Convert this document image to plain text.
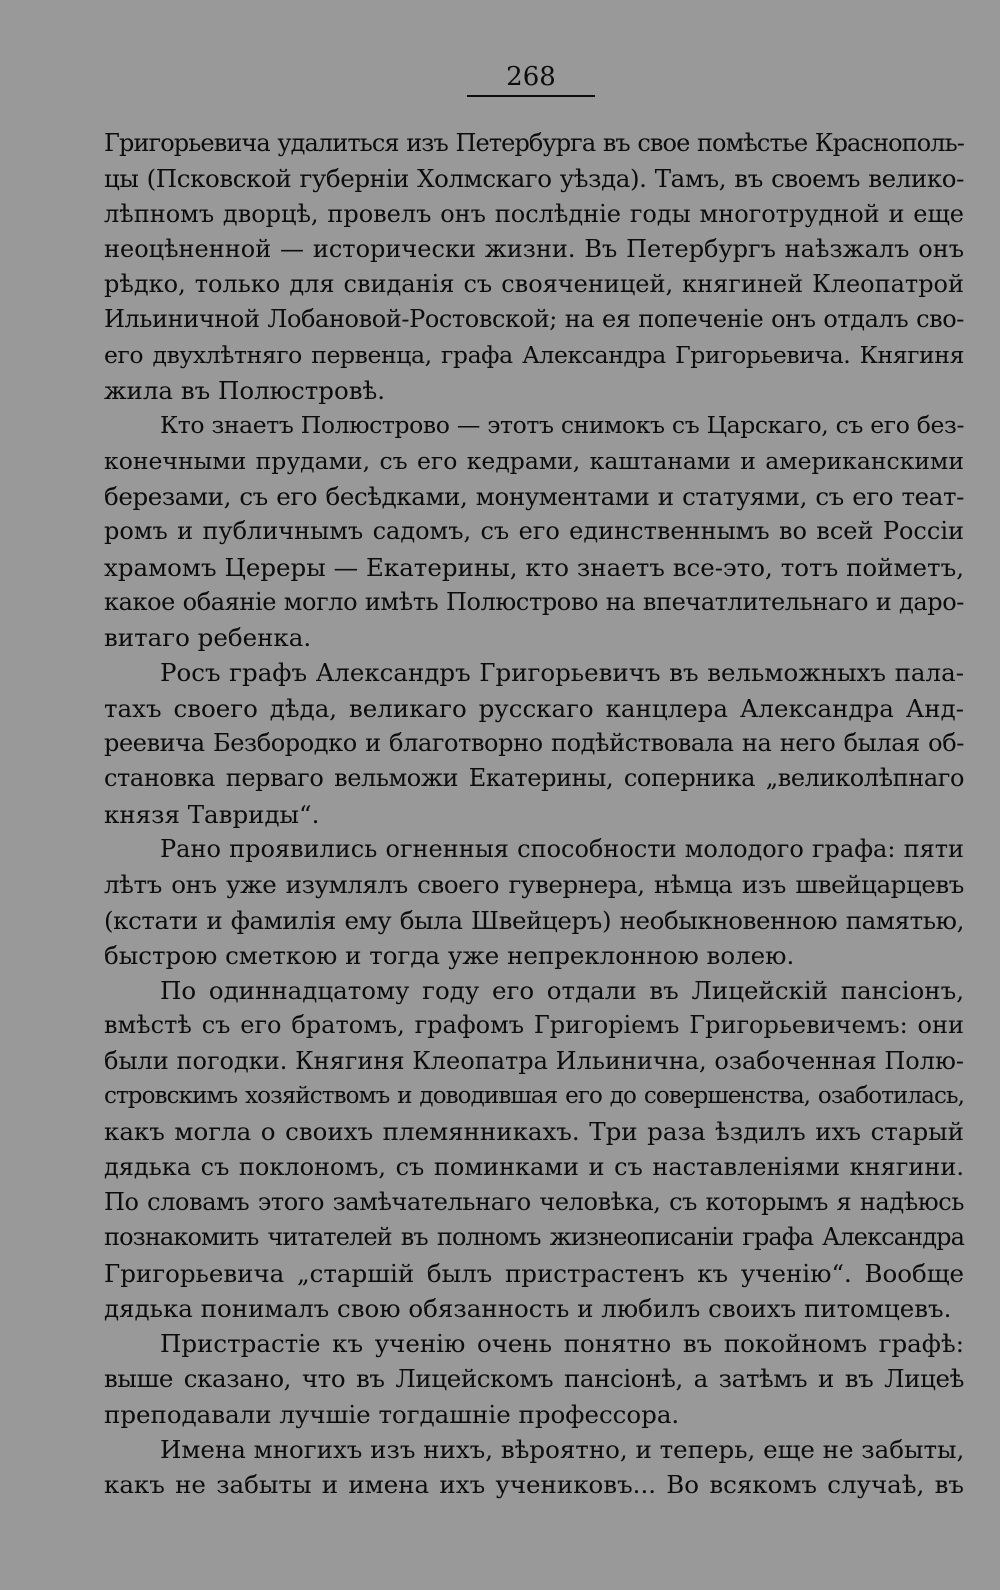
268
Григорьевича удалиться изъ Петербурга въ свое помѣстье Краснополь-
цы (Псковской губерніи Холмскаго уѣзда). Тамъ, въ своемъ велико-
лѣпномъ дворцѣ, провелъ онъ послѣдніе годы многотрудной и еще
неоцѣненной — исторически жизни. Въ Петербургъ наѣзжалъ онъ
рѣдко, только для свиданія съ свояченицей, княгиней Клеопатрой
Ильиничной Лобановой-Ростовской; на ея попеченіе онъ отдалъ сво-
его двухлѣтняго первенца, графа Александра Григорьевича. Княгиня
жила въ Полюстровѣ.
Кто знаетъ Полюстрово — этотъ снимокъ съ Царскаго, съ его без-
конечными прудами, съ его кедрами, каштанами и американскими
березами, съ его бесѣдками, монументами и статуями, съ его теат-
ромъ и публичнымъ садомъ, съ его единственнымъ во всей Россіи
храмомъ Цереры — Екатерины, кто знаетъ все-это, тотъ пойметъ,
какое обаяніе могло имѣть Полюстрово на впечатлительнаго и даро-
витаго ребенка.
Росъ графъ Александръ Григорьевичъ въ вельможныхъ пала-
тахъ своего дѣда, великаго русскаго канцлера Александра Анд-
реевича Безбородко и благотворно подѣйствовала на него былая об-
становка перваго вельможи Екатерины, соперника „великолѣпнаго
князя Тавриды“.
Рано проявились огненныя способности молодого графа: пяти
лѣтъ онъ уже изумлялъ своего гувернера, нѣмца изъ швейцарцевъ
(кстати и фамилія ему была Швейцеръ) необыкновенною памятью,
быстрою сметкою и тогда уже непреклонною волею.
По одиннадцатому году его отдали въ Лицейскій пансіонъ,
вмѣстѣ съ его братомъ, графомъ Григоріемъ Григорьевичемъ: они
были погодки. Княгиня Клеопатра Ильинична, озабоченная Полю-
стровскимъ хозяйствомъ и доводившая его до совершенства, озаботилась,
какъ могла о своихъ племянникахъ. Три раза ѣздилъ ихъ старый
дядька съ поклономъ, съ поминками и съ наставленіями княгини.
По словамъ этого замѣчательнаго человѣка, съ которымъ я надѣюсь
познакомить читателей въ полномъ жизнеописаніи графа Александра
Григорьевича „старшій былъ пристрастенъ къ ученію“. Вообще
дядька понималъ свою обязанность и любилъ своихъ питомцевъ.
Пристрастіе къ ученію очень понятно въ покойномъ графѣ:
выше сказано, что въ Лицейскомъ пансіонѣ, а затѣмъ и въ Лицеѣ
преподавали лучшіе тогдашніе профессора.
Имена многихъ изъ нихъ, вѣроятно, и теперь, еще не забыты,
какъ не забыты и имена ихъ учениковъ... Во всякомъ случаѣ, въ
